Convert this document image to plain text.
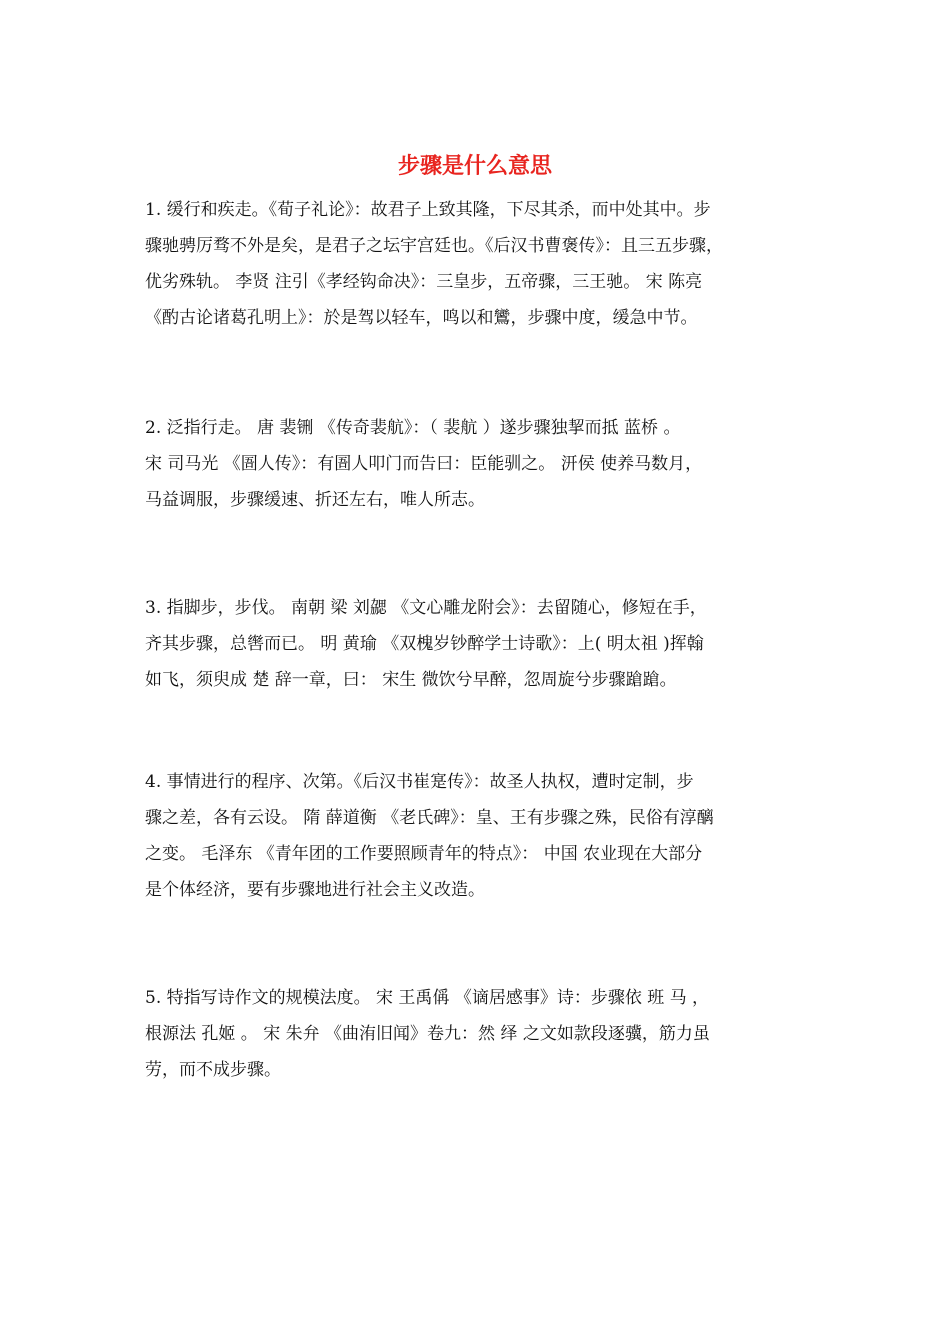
步骤是什么意思

1. 缓行和疾走。《荀子礼论》：故君子上致其隆，下尽其杀，而中处其中。步
骤驰骋厉骛不外是矣，是君子之坛宇宫廷也。《后汉书曹褒传》：且三五步骤，
优劣殊轨。 李贤 注引《孝经钩命决》：三皇步，五帝骤，三王驰。 宋 陈亮
《酌古论诸葛孔明上》：於是驾以轻车，鸣以和鸞，步骤中度，缓急中节。

2. 泛指行走。 唐 裴铏 《传奇裴航》：（ 裴航 ）遂步骤独挈而抵 蓝桥 。
宋 司马光 《圄人传》：有圄人叩门而告曰：臣能驯之。 汧侯 使养马数月，
马益调服，步骤缓速、折还左右，唯人所志。

3. 指脚步，步伐。 南朝 梁 刘勰 《文心雕龙附会》：去留随心，修短在手，
齐其步骤，总辔而已。 明 黄瑜 《双槐岁钞醉学士诗歌》：上( 明太祖 )挥翰
如飞，须臾成 楚 辞一章，曰： 宋生 微饮兮早醉，忽周旋兮步骤蹌蹌。

4. 事情进行的程序、次第。《后汉书崔寔传》：故圣人执权，遭时定制，步
骤之差，各有云设。 隋 薛道衡 《老氏碑》：皇、王有步骤之殊，民俗有淳醨
之变。 毛泽东 《青年团的工作要照顾青年的特点》： 中国 农业现在大部分
是个体经济，要有步骤地进行社会主义改造。

5. 特指写诗作文的规模法度。 宋 王禹偁 《谪居感事》诗：步骤依 班 马 ，
根源法 孔姬 。 宋 朱弁 《曲洧旧闻》卷九：然 绎 之文如款段逐骥，筋力虽
劳，而不成步骤。
